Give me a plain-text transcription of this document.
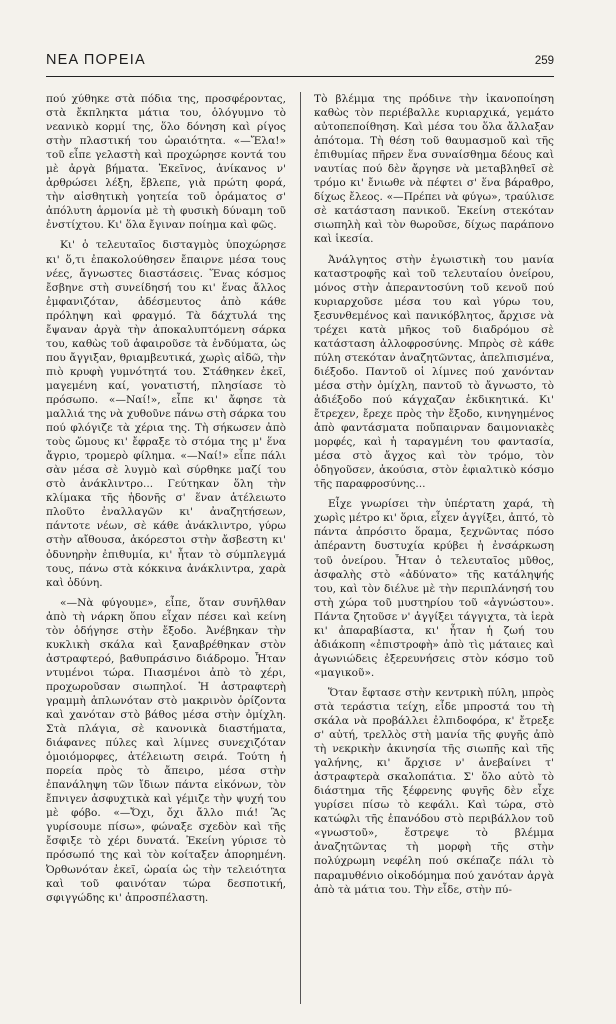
ΝΕΑ ΠΟΡΕΙΑ	259

πού χύθηκε στὰ πόδια της, προσφέροντας, στὰ ἔκπληκτα μάτια του, ὁλόγυμνο τὸ νεανικὸ κορμί της, ὅλο δόνηση καὶ ρίγος στὴν πλαστική του ὡραιότητα. «—Ἔλα!» τοῦ εἶπε γελαστὴ καὶ προχώρησε κοντά του μὲ ἀργὰ βήματα. Ἐκεῖνος, ἀνίκανος ν' ἀρθρώσει λέξη, ἔβλεπε, γιὰ πρώτη φορά, τὴν αἰσθητικὴ γοητεία τοῦ ὁράματος σ' ἀπόλυτη ἁρμονία μὲ τὴ φυσικὴ δύναμη τοῦ ἐνστίχτου. Κι' ὅλα ἔγιναν ποίημα καὶ φῶς.

Κι' ὁ τελευταῖος δισταγμὸς ὑποχώρησε κι' ὅ,τι ἐπακολούθησεν ἔπαιρνε μέσα τους νέες, ἄγνωστες διαστάσεις. Ἕνας κόσμος ἔσβηνε στὴ συνείδησή του κι' ἕνας ἄλλος ἐμφανιζόταν, ἀδέσμευτος ἀπὸ κάθε πρόληψη καὶ φραγμό. Τὰ δάχτυλά της ἔψαναν ἀργὰ τὴν ἀποκαλυπτόμενη σάρκα του, καθὼς τοῦ ἀφαιροῦσε τὰ ἐνδύματα, ὡς που ἄγγιξαν, θριαμβευτικά, χωρὶς αἰδῶ, τὴν πιὸ κρυφὴ γυμνότητά του. Στάθηκεν ἐκεῖ, μαγεμένη καί, γονατιστή, πλησίασε τὸ πρόσωπο. «—Ναί!», εἶπε κι' ἄφησε τὰ μαλλιά της νὰ χυθοῦνε πάνω στὴ σάρκα του πού φλόγιζε τὰ χέρια της. Τὴ σήκωσεν ἀπὸ τοὺς ὤμους κι' ἔφραξε τὸ στόμα της μ' ἕνα ἄγριο, τρομερὸ φίλημα. «—Ναί!» εἶπε πάλι σὰν μέσα σὲ λυγμὸ καὶ σύρθηκε μαζί του στὸ ἀνάκλιντρο... Γεύτηκαν ὅλη τὴν κλίμακα τῆς ἡδονῆς σ' ἕναν ἀτέλειωτο πλοῦτο ἐναλλαγῶν κι' ἀναζητήσεων, πάντοτε νέων, σὲ κάθε ἀνάκλιντρο, γύρω στὴν αἴθουσα, ἀκόρεστοι στὴν ἄσβεστη κι' ὀδυνηρὴν ἐπιθυμία, κι' ἦταν τὸ σύμπλεγμά τους, πάνω στὰ κόκκινα ἀνάκλιντρα, χαρὰ καὶ ὀδύνη.

«—Νὰ φύγουμε», εἶπε, ὅταν συνῆλθαν ἀπὸ τὴ νάρκη ὅπου εἶχαν πέσει καὶ κείνη τὸν ὁδήγησε στὴν ἔξοδο. Ἀνέβηκαν τὴν κυκλικὴ σκάλα καὶ ξαναβρέθηκαν στὸν ἀστραφτερό, βαθυπράσινο διάδρομο. Ἦταν ντυμένοι τώρα. Πιασμένοι ἀπὸ τὸ χέρι, προχωροῦσαν σιωπηλοί. Ἡ ἀστραφτερὴ γραμμὴ ἁπλωνόταν στὸ μακρινὸν ὁρίζοντα καὶ χανόταν στὸ βάθος μέσα στὴν ὀμίχλη. Στὰ πλάγια, σὲ κανονικὰ διαστήματα, διάφανες πύλες καὶ λίμνες συνεχιζόταν ὁμοιόμορφες, ἀτέλειωτη σειρά. Τούτη ἡ πορεία πρὸς τὸ ἄπειρο, μέσα στὴν ἐπανάληψη τῶν ἴδιων πάντα εἰκόνων, τὸν ἔπνιγεν ἀσφυχτικὰ καὶ γέμιζε τὴν ψυχή του μὲ φόβο. «—Ὄχι, ὄχι ἄλλο πιά! Ἂς γυρίσουμε πίσω», φώναξε σχεδὸν καὶ τῆς ἔσφιξε τὸ χέρι δυνατά. Ἐκείνη γύρισε τὸ πρόσωπό της καὶ τὸν κοίταξεν ἀπορημένη. Ὀρθωνόταν ἐκεῖ, ὡραία ὡς τὴν τελειότητα καὶ τοῦ φαινόταν τώρα δεσποτική, σφιγγώδης κι' ἀπροσπέλαστη.

Τὸ βλέμμα της πρόδινε τὴν ἱκανοποίηση καθὼς τὸν περιέβαλλε κυριαρχικά, γεμάτο αὐτοπεποίθηση. Καὶ μέσα του ὅλα ἄλλαξαν ἀπότομα. Τὴ θέση τοῦ θαυμασμοῦ καὶ τῆς ἐπιθυμίας πῆρεν ἕνα συναίσθημα δέους καὶ ναυτίας πού δὲν ἄργησε νὰ μεταβληθεῖ σὲ τρόμο κι' ἔνιωθε νὰ πέφτει σ' ἕνα βάραθρο, δίχως ἔλεος. «—Πρέπει νὰ φύγω», τραύλισε σὲ κατάσταση πανικοῦ. Ἐκείνη στεκόταν σιωπηλὴ καὶ τὸν θωροῦσε, δίχως παράπονο καὶ ἱκεσία.

Ἀνάλγητος στὴν ἐγωιστικὴ του μανία καταστροφῆς καὶ τοῦ τελευταίου ὀνείρου, μόνος στὴν ἀπεραντοσύνη τοῦ κενοῦ πού κυριαρχοῦσε μέσα του καὶ γύρω του, ξεσυνθεμένος καὶ πανικόβλητος, ἄρχισε νὰ τρέχει κατὰ μῆκος τοῦ διαδρόμου σὲ κατάσταση ἀλλοφροσύνης. Μπρὸς σὲ κάθε πύλη στεκόταν ἀναζητῶντας, ἀπελπισμένα, διέξοδο. Παντοῦ οἱ λίμνες πού χανόνταν μέσα στὴν ὀμίχλη, παντοῦ τὸ ἄγνωστο, τὸ ἀδιέξοδο πού κάγχαζαν ἐκδικητικά. Κι' ἔτρεχεν, ἔρεχε πρὸς τὴν ἔξοδο, κινηγημένος ἀπὸ φαντάσματα ποὔπαιρναν δαιμονιακὲς μορφές, καὶ ἡ ταραγμένη του φαντασία, μέσα στὸ ἄγχος καὶ τὸν τρόμο, τὸν ὁδηγοῦσεν, ἀκούσια, στὸν ἐφιαλτικὸ κόσμο τῆς παραφροσύνης...

Εἶχε γνωρίσει τὴν ὑπέρτατη χαρά, τὴ χωρὶς μέτρο κι' ὅρια, εἶχεν ἀγγίξει, ἀπτό, τὸ πάντα ἀπρόσιτο ὅραμα, ξεχνῶντας πόσο ἀπέραντη δυστυχία κρύβει ἡ ἐνσάρκωση τοῦ ὀνείρου. Ἦταν ὁ τελευταῖος μῦθος, ἀσφαλὴς στὸ «ἀδύνατο» τῆς κατάληψής του, καὶ τὸν διέλυε μὲ τὴν περιπλάνησή του στὴ χώρα τοῦ μυστηρίου τοῦ «ἀγνώστου». Πάντα ζητοῦσε ν' ἀγγίξει τάγγιχτα, τὰ ἱερὰ κι' ἀπαραβίαστα, κι' ἦταν ἡ ζωή του ἀδιάκοπη «ἐπιστροφὴ» ἀπὸ τὶς μάταιες καὶ ἀγωνιώδεις ἐξερευνήσεις στὸν κόσμο τοῦ «μαγικοῦ».

Ὅταν ἔφτασε στὴν κεντρικὴ πύλη, μπρὸς στὰ τεράστια τείχη, εἶδε μπροστά του τὴ σκάλα νὰ προβάλλει ἐλπιδοφόρα, κ' ἔτρεξε σ' αὐτή, τρελλὸς στὴ μανία τῆς φυγῆς ἀπὸ τὴ νεκρικὴν ἀκινησία τῆς σιωπῆς καὶ τῆς γαλήνης, κι' ἄρχισε ν' ἀνεβαίνει τ' ἀστραφτερὰ σκαλοπάτια. Σ' ὅλο αὐτὸ τὸ διάστημα τῆς ξέφρενης φυγῆς δὲν εἶχε γυρίσει πίσω τὸ κεφάλι. Καὶ τώρα, στὸ κατώφλι τῆς ἐπανόδου στὸ περιβάλλον τοῦ «γνωστοῦ», ἔστρεψε τὸ βλέμμα ἀναζητῶντας τὴ μορφὴ τῆς στὴν πολύχρωμη νεφέλη πού σκέπαζε πάλι τὸ παραμυθένιο οἰκοδόμημα πού χανόταν ἀργὰ ἀπὸ τὰ μάτια του. Τὴν εἶδε, στὴν πύ-
